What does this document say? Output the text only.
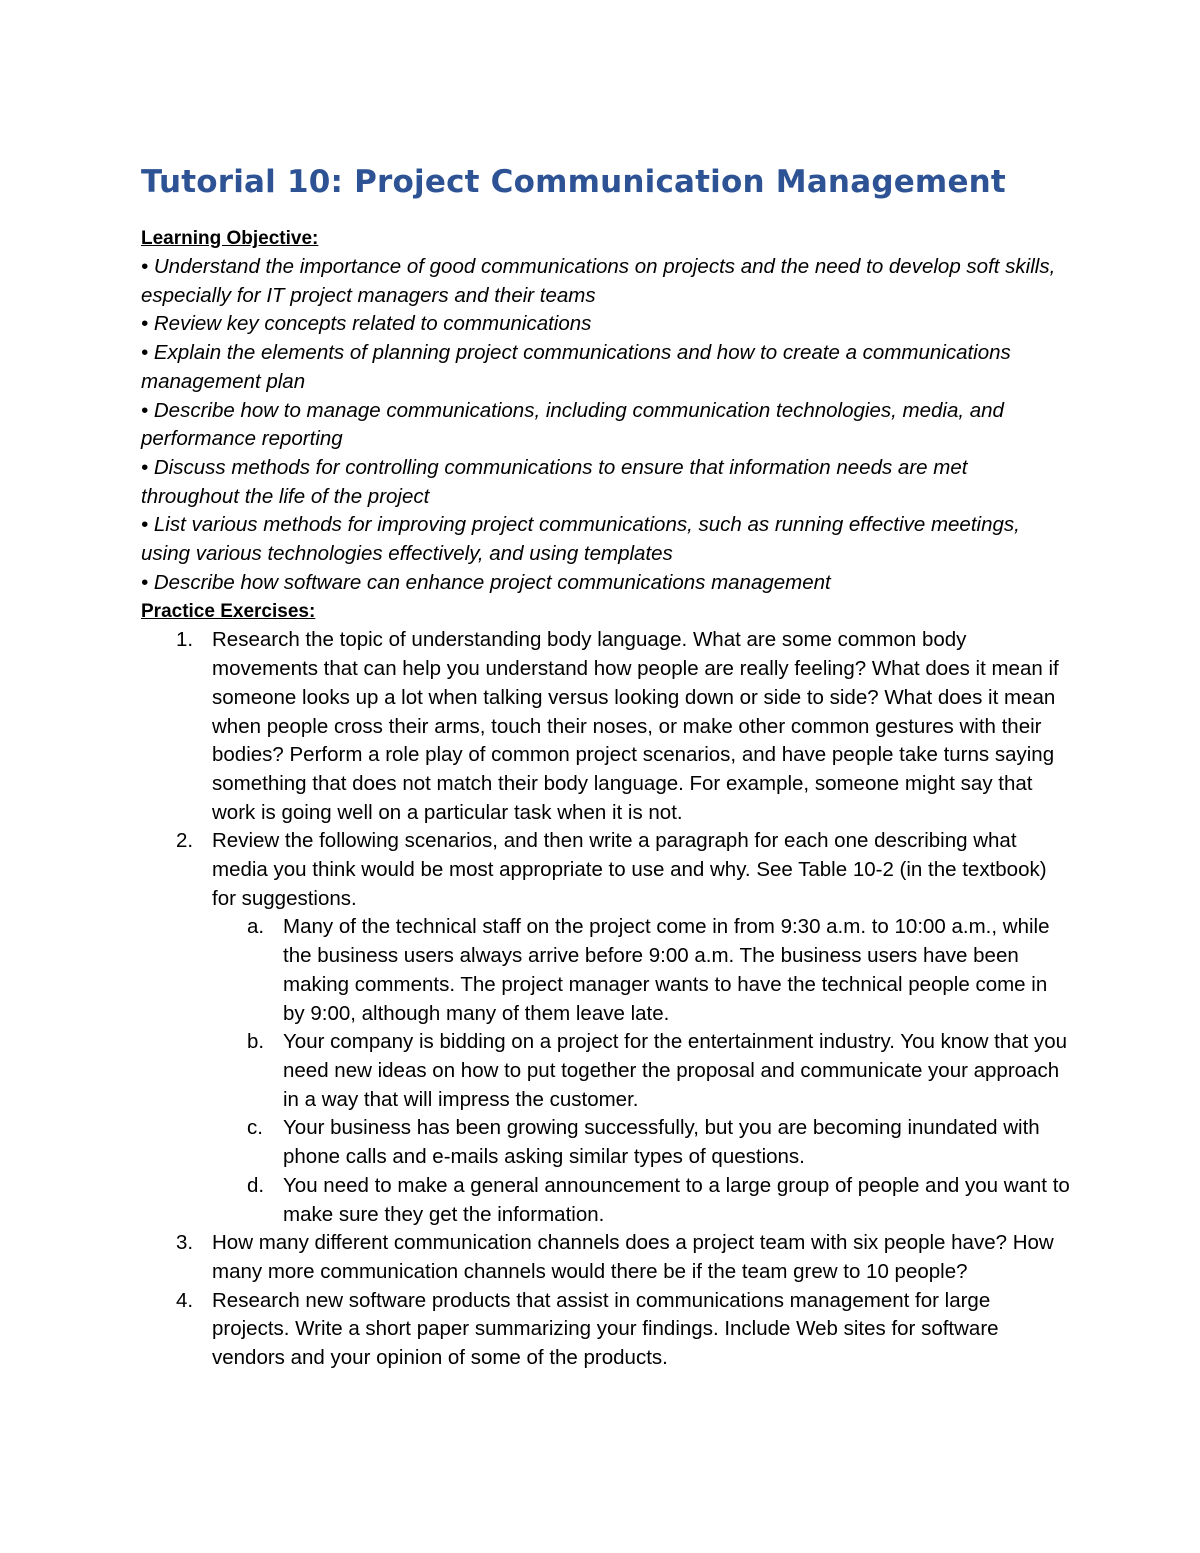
Tutorial 10: Project Communication Management
Learning Objective:
• Understand the importance of good communications on projects and the need to develop soft skills, especially for IT project managers and their teams
• Review key concepts related to communications
• Explain the elements of planning project communications and how to create a communications management plan
• Describe how to manage communications, including communication technologies, media, and performance reporting
• Discuss methods for controlling communications to ensure that information needs are met throughout the life of the project
• List various methods for improving project communications, such as running effective meetings, using various technologies effectively, and using templates
• Describe how software can enhance project communications management
Practice Exercises:
1. Research the topic of understanding body language. What are some common body movements that can help you understand how people are really feeling? What does it mean if someone looks up a lot when talking versus looking down or side to side? What does it mean when people cross their arms, touch their noses, or make other common gestures with their bodies? Perform a role play of common project scenarios, and have people take turns saying something that does not match their body language. For example, someone might say that work is going well on a particular task when it is not.
2. Review the following scenarios, and then write a paragraph for each one describing what media you think would be most appropriate to use and why. See Table 10-2 (in the textbook) for suggestions.
a. Many of the technical staff on the project come in from 9:30 a.m. to 10:00 a.m., while the business users always arrive before 9:00 a.m. The business users have been making comments. The project manager wants to have the technical people come in by 9:00, although many of them leave late.
b. Your company is bidding on a project for the entertainment industry. You know that you need new ideas on how to put together the proposal and communicate your approach in a way that will impress the customer.
c. Your business has been growing successfully, but you are becoming inundated with phone calls and e-mails asking similar types of questions.
d. You need to make a general announcement to a large group of people and you want to make sure they get the information.
3. How many different communication channels does a project team with six people have? How many more communication channels would there be if the team grew to 10 people?
4. Research new software products that assist in communications management for large projects. Write a short paper summarizing your findings. Include Web sites for software vendors and your opinion of some of the products.
